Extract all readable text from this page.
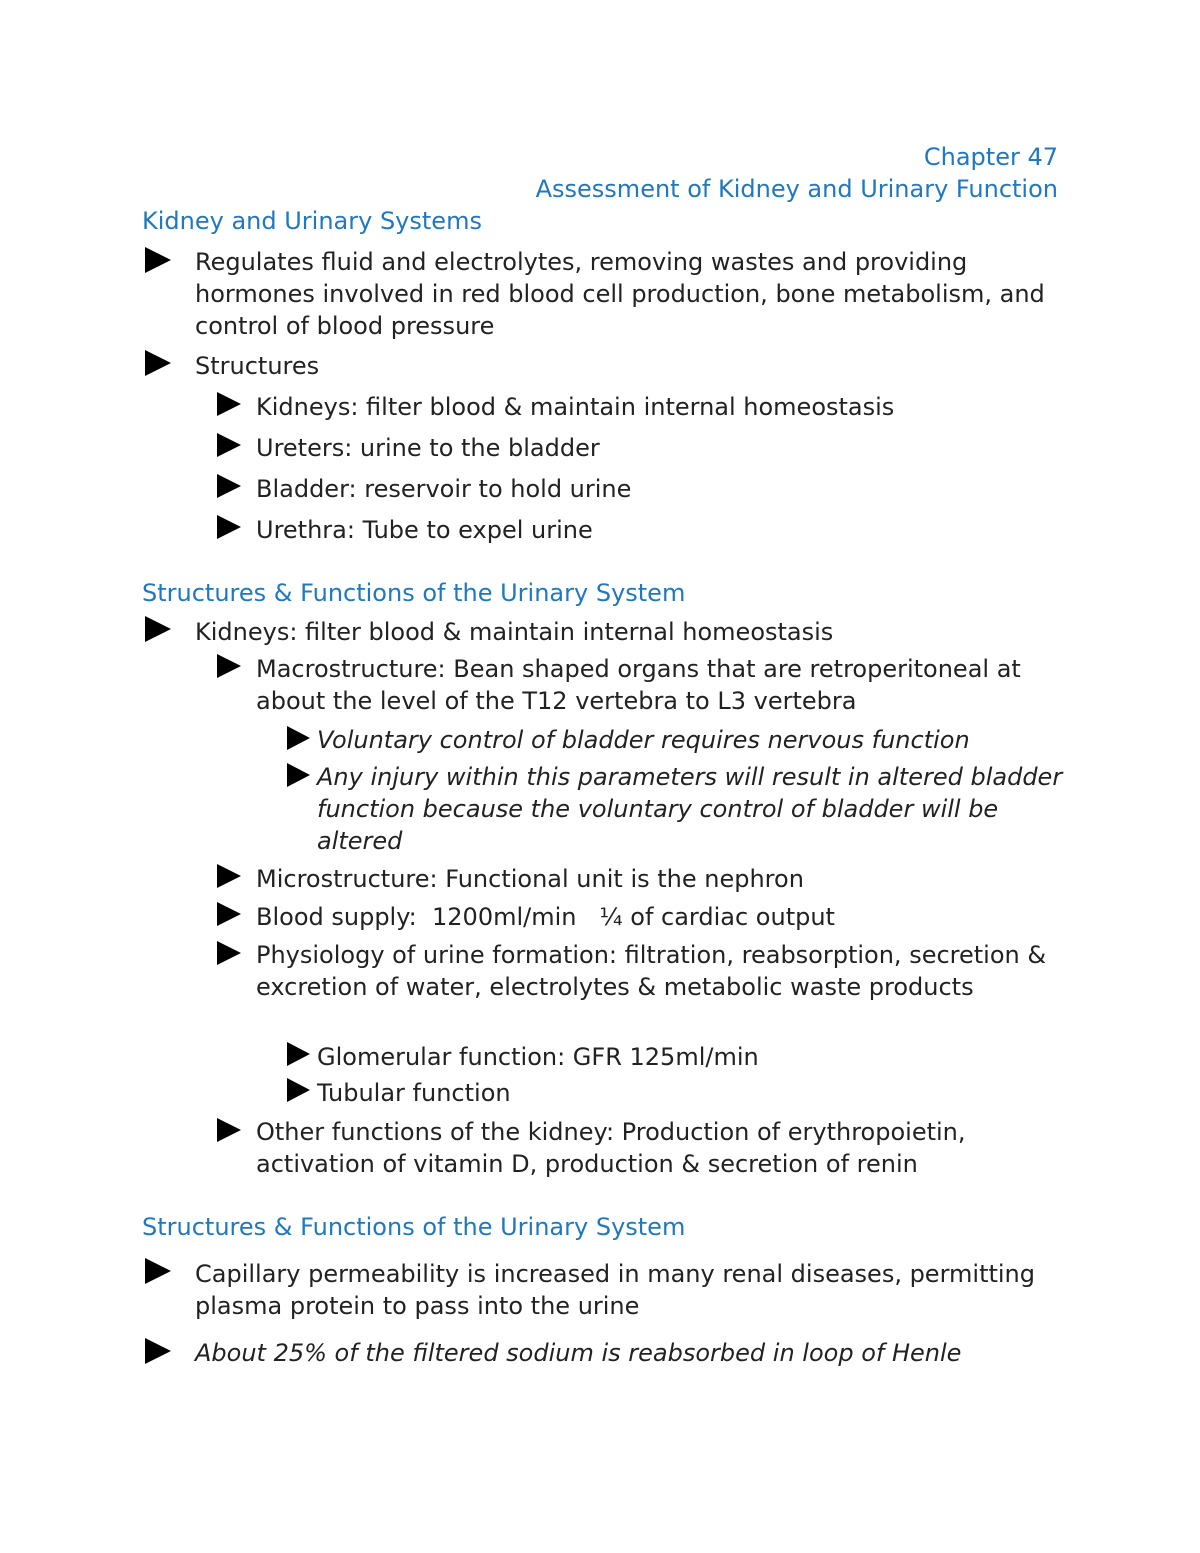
Chapter 47
Assessment of Kidney and Urinary Function
Kidney and Urinary Systems
Regulates fluid and electrolytes, removing wastes and providing hormones involved in red blood cell production, bone metabolism, and control of blood pressure
Structures
Kidneys: filter blood & maintain internal homeostasis
Ureters: urine to the bladder
Bladder: reservoir to hold urine
Urethra: Tube to expel urine
Structures & Functions of the Urinary System
Kidneys: filter blood & maintain internal homeostasis
Macrostructure: Bean shaped organs that are retroperitoneal at about the level of the T12 vertebra to L3 vertebra
Voluntary control of bladder requires nervous function
Any injury within this parameters will result in altered bladder function because the voluntary control of bladder will be altered
Microstructure: Functional unit is the nephron
Blood supply:  1200ml/min   ¼ of cardiac output
Physiology of urine formation: filtration, reabsorption, secretion & excretion of water, electrolytes & metabolic waste products
Glomerular function: GFR 125ml/min
Tubular function
Other functions of the kidney: Production of erythropoietin, activation of vitamin D, production & secretion of renin
Structures & Functions of the Urinary System
Capillary permeability is increased in many renal diseases, permitting plasma protein to pass into the urine
About 25% of the filtered sodium is reabsorbed in loop of Henle
